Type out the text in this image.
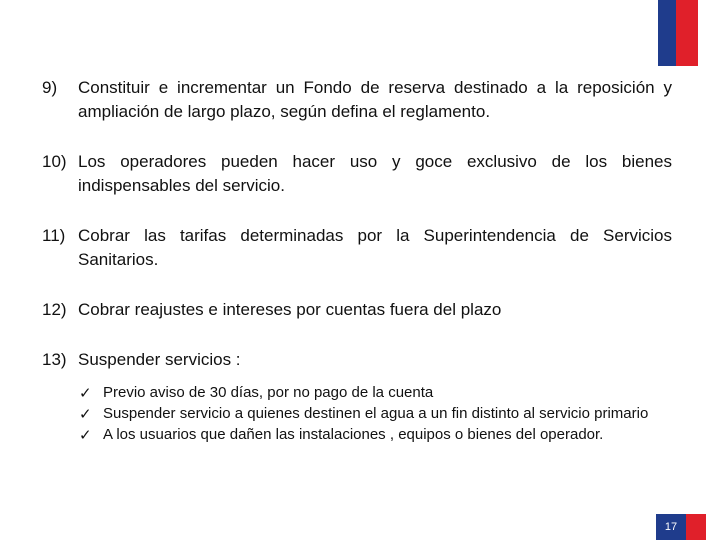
9) Constituir e incrementar un Fondo de reserva destinado a la reposición y ampliación de largo plazo, según defina el reglamento.
10) Los operadores pueden hacer uso y goce exclusivo de los bienes indispensables del servicio.
11) Cobrar las tarifas determinadas por la Superintendencia de Servicios Sanitarios.
12) Cobrar reajustes e intereses por cuentas fuera del plazo
13) Suspender servicios :
✓ Previo aviso de 30 días, por no pago de la cuenta
✓ Suspender servicio a quienes destinen el agua a un fin distinto al servicio primario
✓ A los usuarios que dañen las instalaciones , equipos o bienes del operador.
17
